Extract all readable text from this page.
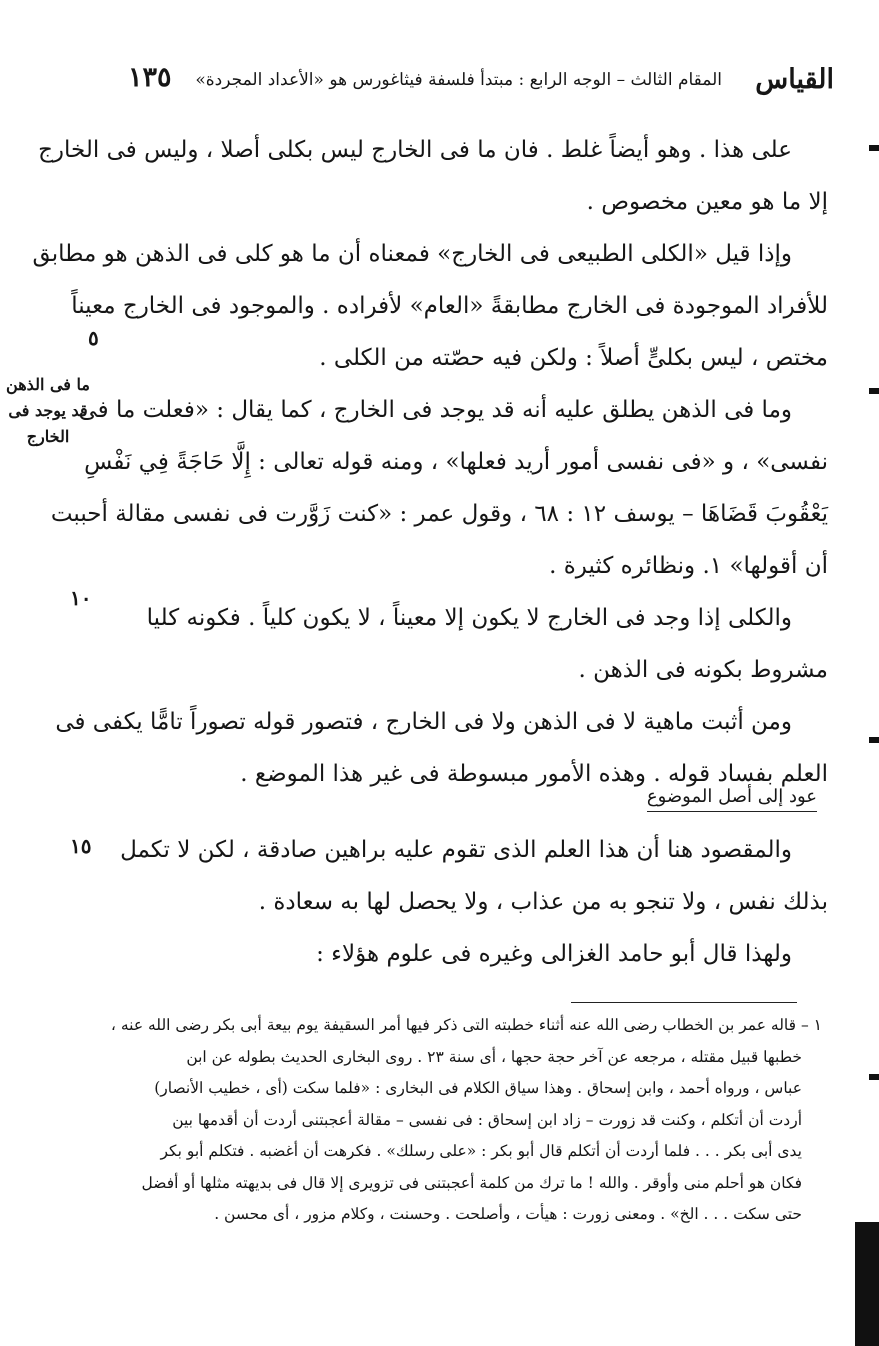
القياس
المقام الثالث – الوجه الرابع : مبتدأ فلسفة فيثاغورس هو «الأعداد المجردة»
١٣٥
على هذا . وهو أيضاً غلط . فان ما فى الخارج ليس بكلى أصلا ، وليس فى الخارج
إلا ما هو معين مخصوص .
وإذا قيل «الكلى الطبيعى فى الخارج» فمعناه أن ما هو كلى فى الذهن هو مطابق
للأفراد الموجودة فى الخارج مطابقةً «العام» لأفراده . والموجود فى الخارج معيناً
مختص ، ليس بكلىٍّ أصلاً : ولكن فيه حصّته من الكلى .
وما فى الذهن يطلق عليه أنه قد يوجد فى الخارج ، كما يقال : «فعلت ما فى
نفسى» ، و «فى نفسى أمور أريد فعلها» ، ومنه قوله تعالى : إِلَّا حَاجَةً فِي نَفْسِ
يَعْقُوبَ قَضَاهَا – يوسف ١٢ : ٦٨ ، وقول عمر : «كنت زَوَّرت فى نفسى مقالة أحببت
أن أقولها» ١. ونظائره كثيرة .
والكلى إذا وجد فى الخارج لا يكون إلا معيناً ، لا يكون كلياً . فكونه كليا
مشروط بكونه فى الذهن .
ومن أثبت ماهية لا فى الذهن ولا فى الخارج ، فتصور قوله تصوراً تامًّا يكفى فى
العلم بفساد قوله . وهذه الأمور مبسوطة فى غير هذا الموضع .
عود إلى أصل الموضوع
والمقصود هنا أن هذا العلم الذى تقوم عليه براهين صادقة ، لكن لا تكمل
بذلك نفس ، ولا تنجو به من عذاب ، ولا يحصل لها به سعادة .
ولهذا قال أبو حامد الغزالى وغيره فى علوم هؤلاء :
ما فى الذهن
قد يوجد فى
الخارج
٥
١٠
١٥
١ – قاله عمر بن الخطاب رضى الله عنه أثناء خطبته التى ذكر فيها أمر السقيفة يوم بيعة أبى بكر رضى الله عنه ،
خطبها قبيل مقتله ، مرجعه عن آخر حجة حجها ، أى سنة ٢٣ . روى البخارى الحديث بطوله عن ابن
عباس ، ورواه أحمد ، وابن إسحاق . وهذا سياق الكلام فى البخارى : «فلما سكت (أى ، خطيب الأنصار)
أردت أن أتكلم ، وكنت قد زورت – زاد ابن إسحاق : فى نفسى – مقالة أعجبتنى أردت أن أقدمها بين
يدى أبى بكر . . . فلما أردت أن أتكلم قال أبو بكر : «على رسلك» . فكرهت أن أغضبه . فتكلم أبو بكر
فكان هو أحلم منى وأوقر . والله ! ما ترك من كلمة أعجبتنى فى تزويرى إلا قال فى بديهته مثلها أو أفضل
حتى سكت . . . الخ» . ومعنى زورت : هيأت ، وأصلحت . وحسنت ، وكلام مزور ، أى محسن .
